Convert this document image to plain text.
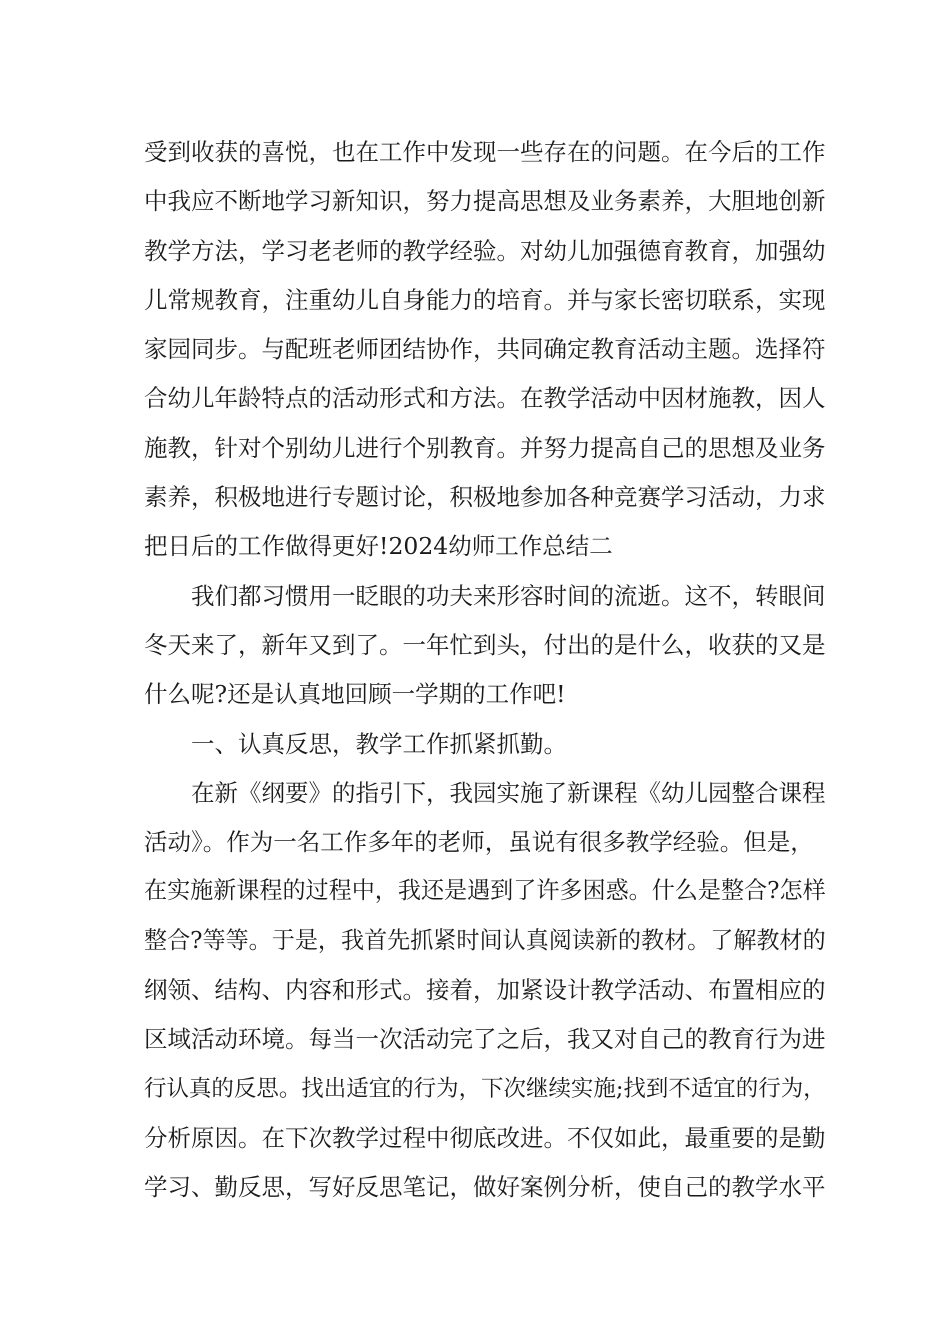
受到收获的喜悦，也在工作中发现一些存在的问题。在今后的工作
中我应不断地学习新知识，努力提高思想及业务素养，大胆地创新
教学方法，学习老老师的教学经验。对幼儿加强德育教育，加强幼
儿常规教育，注重幼儿自身能力的培育。并与家长密切联系，实现
家园同步。与配班老师团结协作，共同确定教育活动主题。选择符
合幼儿年龄特点的活动形式和方法。在教学活动中因材施教，因人
施教，针对个别幼儿进行个别教育。并努力提高自己的思想及业务
素养，积极地进行专题讨论，积极地参加各种竞赛学习活动，力求
把日后的工作做得更好!2024幼师工作总结二
我们都习惯用一眨眼的功夫来形容时间的流逝。这不，转眼间
冬天来了，新年又到了。一年忙到头，付出的是什么，收获的又是
什么呢?还是认真地回顾一学期的工作吧!
一、认真反思，教学工作抓紧抓勤。
在新《纲要》的指引下，我园实施了新课程《幼儿园整合课程
活动》。作为一名工作多年的老师，虽说有很多教学经验。但是，
在实施新课程的过程中，我还是遇到了许多困惑。什么是整合?怎样
整合?等等。于是，我首先抓紧时间认真阅读新的教材。了解教材的
纲领、结构、内容和形式。接着，加紧设计教学活动、布置相应的
区域活动环境。每当一次活动完了之后，我又对自己的教育行为进
行认真的反思。找出适宜的行为，下次继续实施;找到不适宜的行为，
分析原因。在下次教学过程中彻底改进。不仅如此，最重要的是勤
学习、勤反思，写好反思笔记，做好案例分析，使自己的教学水平
